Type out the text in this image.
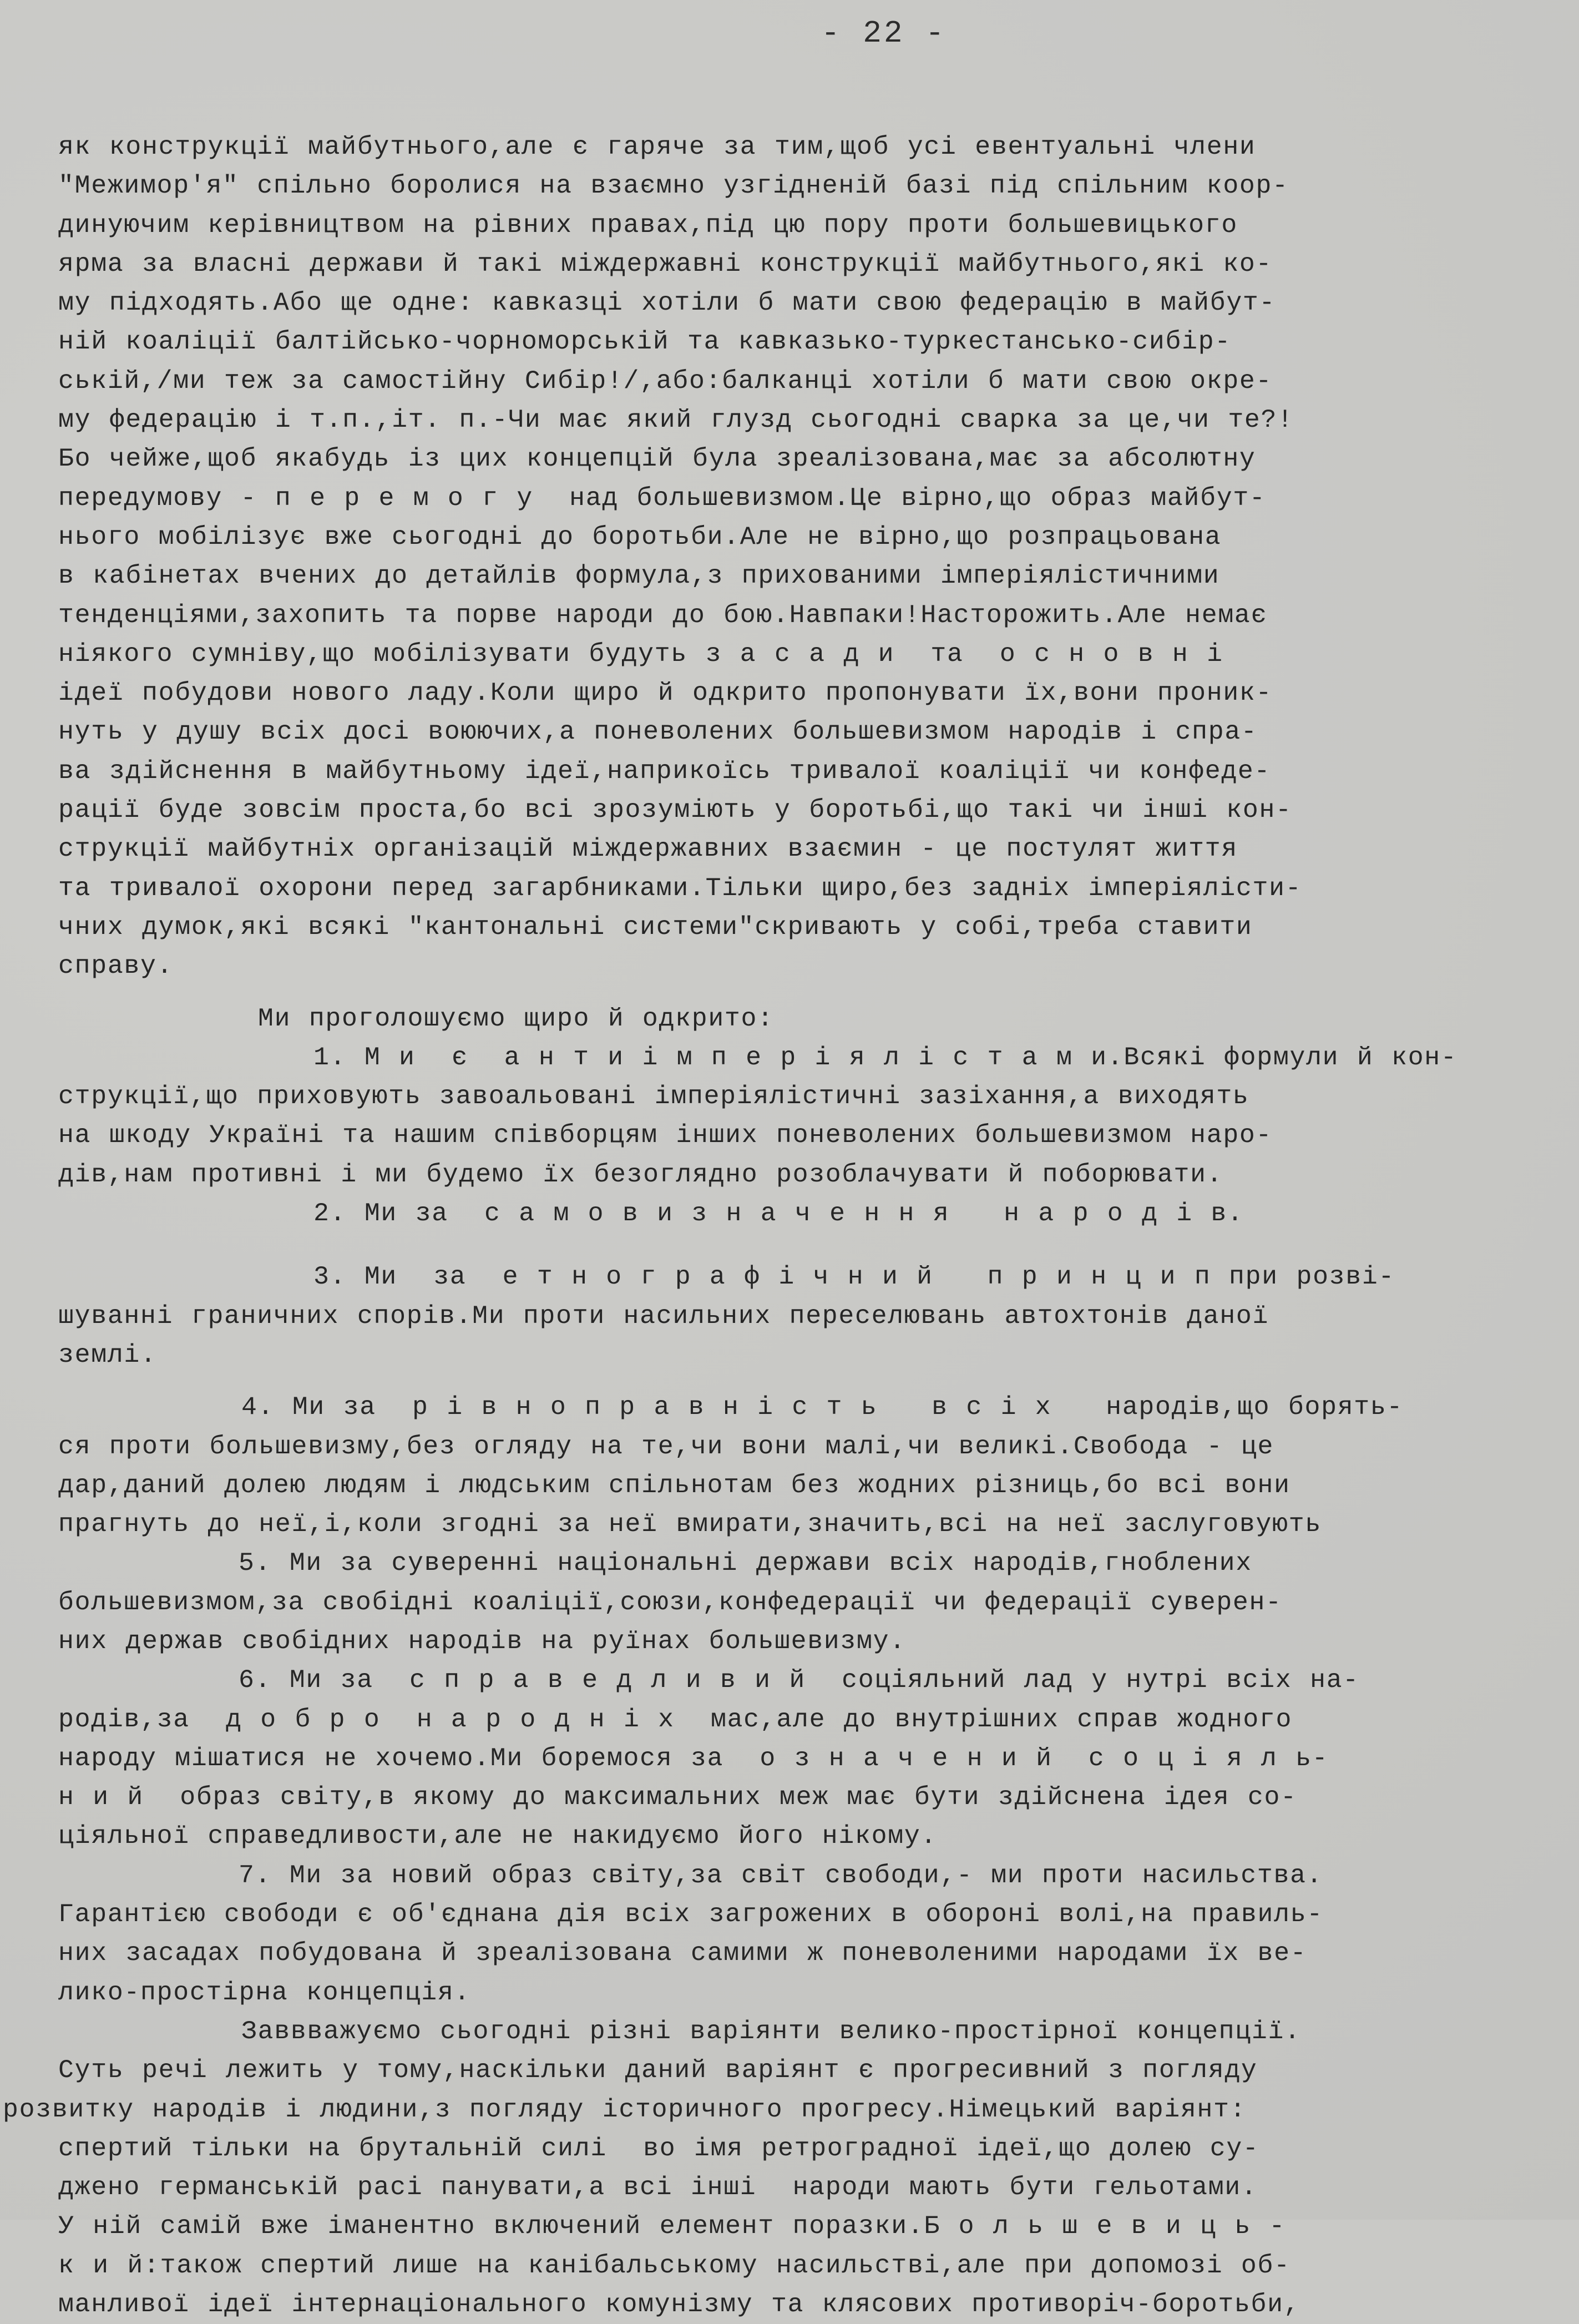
- 22 -
як конструкції майбутнього,але є гаряче за тим,щоб усі евентуальні члени
"Межимор'я" спільно боролися на взаємно узгідненій базі під спільним коор-
динуючим керівництвом на рівних правах,під цю пору проти большевицького
ярма за власні держави й такі міждержавні конструкції майбутнього,які ко-
му підходять.Або ще одне: кавказці хотіли б мати свою федерацію в майбут-
ній коаліції балтійсько-чорноморській та кавказько-туркестансько-сибір-
ській,/ми теж за самостійну Сибір!/,або:балканці хотіли б мати свою окре-
му федерацію і т.п.,іт. п.-Чи має який глузд сьогодні сварка за це,чи те?!
Бо чейже,щоб якабудь із цих концепцій була зреалізована,має за абсолютну
передумову - п е р е м о г у  над большевизмом.Це вірно,що образ майбут-
нього мобілізує вже сьогодні до боротьби.Але не вірно,що розпрацьована
в кабінетах вчених до детайлів формула,з прихованими імперіялістичними
тенденціями,захопить та порве народи до бою.Навпаки!Насторожить.Але немає
ніякого сумніву,що мобілізувати будуть з а с а д и  та  о с н о в н і
ідеї побудови нового ладу.Коли щиро й одкрито пропонувати їх,вони проник-
нуть у душу всіх досі воюючих,а поневолених большевизмом народів і спра-
ва здійснення в майбутньому ідеї,наприкоїсь тривалої коаліції чи конфеде-
рації буде зовсім проста,бо всі зрозуміють у боротьбі,що такі чи інші кон-
струкції майбутніх організацій міждержавних взаємин - це постулят життя
та тривалої охорони перед загарбниками.Тільки щиро,без задніх імперіялісти-
чних думок,які всякі "кантональні системи"скривають у собі,треба ставити
справу.
Ми проголошуємо щиро й одкрито:
1. М и  є  а н т и і м п е р і я л і с т а м и.Всякі формули й кон-
струкції,що приховують завоальовані імперіялістичні зазіхання,а виходять
на шкоду Україні та нашим співборцям інших поневолених большевизмом наро-
дів,нам противні і ми будемо їх безоглядно розоблачувати й поборювати.
2. Ми за  с а м о в и з н а ч е н н я   н а р о д і в.
3. Ми  за  е т н о г р а ф і ч н и й   п р и н ц и п при розві-
шуванні граничних спорів.Ми проти насильних переселювань автохтонів даної
землі.
4. Ми за  р і в н о п р а в н і с т ь   в с і х   народів,що борять-
ся проти большевизму,без огляду на те,чи вони малі,чи великі.Свобода - це
дар,даний долею людям і людським спільнотам без жодних різниць,бо всі вони
прагнуть до неї,і,коли згодні за неї вмирати,значить,всі на неї заслуговують
5. Ми за суверенні національні держави всіх народів,гноблених
большевизмом,за свобідні коаліції,союзи,конфедерації чи федерації суверен-
них держав свобідних народів на руїнах большевизму.
6. Ми за  с п р а в е д л и в и й  соціяльний лад у нутрі всіх на-
родів,за  д о б р о  н а р о д н і х  мас,але до внутрішних справ жодного
народу мішатися не хочемо.Ми боремося за  о з н а ч е н и й  с о ц і я л ь-
н и й  образ світу,в якому до максимальних меж має бути здійснена ідея со-
ціяльної справедливости,але не накидуємо його нікому.
7. Ми за новий образ світу,за світ свободи,- ми проти насильства.
Гарантією свободи є об'єднана дія всіх загрожених в обороні волі,на правиль-
них засадах побудована й зреалізована самими ж поневоленими народами їх ве-
лико-простірна концепція.
Заввважуємо сьогодні різні варіянти велико-простірної концепції.
Суть речі лежить у тому,наскільки даний варіянт є прогресивний з погляду
розвитку народів і людини,з погляду історичного прогресу.Німецький варіянт:
спертий тільки на брутальній силі  во імя ретроградної ідеї,що долею су-
джено германській расі панувати,а всі інші  народи мають бути гельотами.
У ній самій вже іманентно включений елемент поразки.Б о л ь ш е в и ц ь -
к и й:також спертий лише на канібальському насильстві,але при допомозі об-
манливої ідеї інтернаціонального комунізму та клясових противоріч-боротьби,
